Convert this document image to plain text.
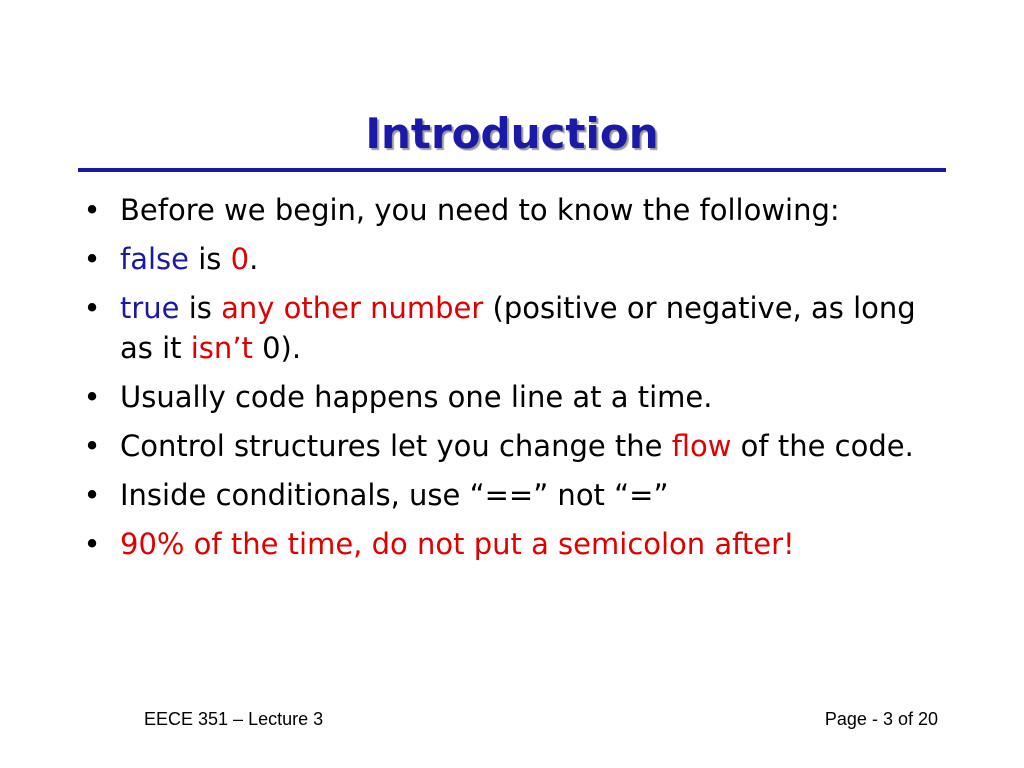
Introduction
• Before we begin, you need to know the following:
• false is 0.
• true is any other number (positive or negative, as long as it isn’t 0).
• Usually code happens one line at a time.
• Control structures let you change the flow of the code.
• Inside conditionals, use “==” not “=”
• 90% of the time, do not put a semicolon after!
EECE 351 – Lecture 3	Page - 3 of 20
